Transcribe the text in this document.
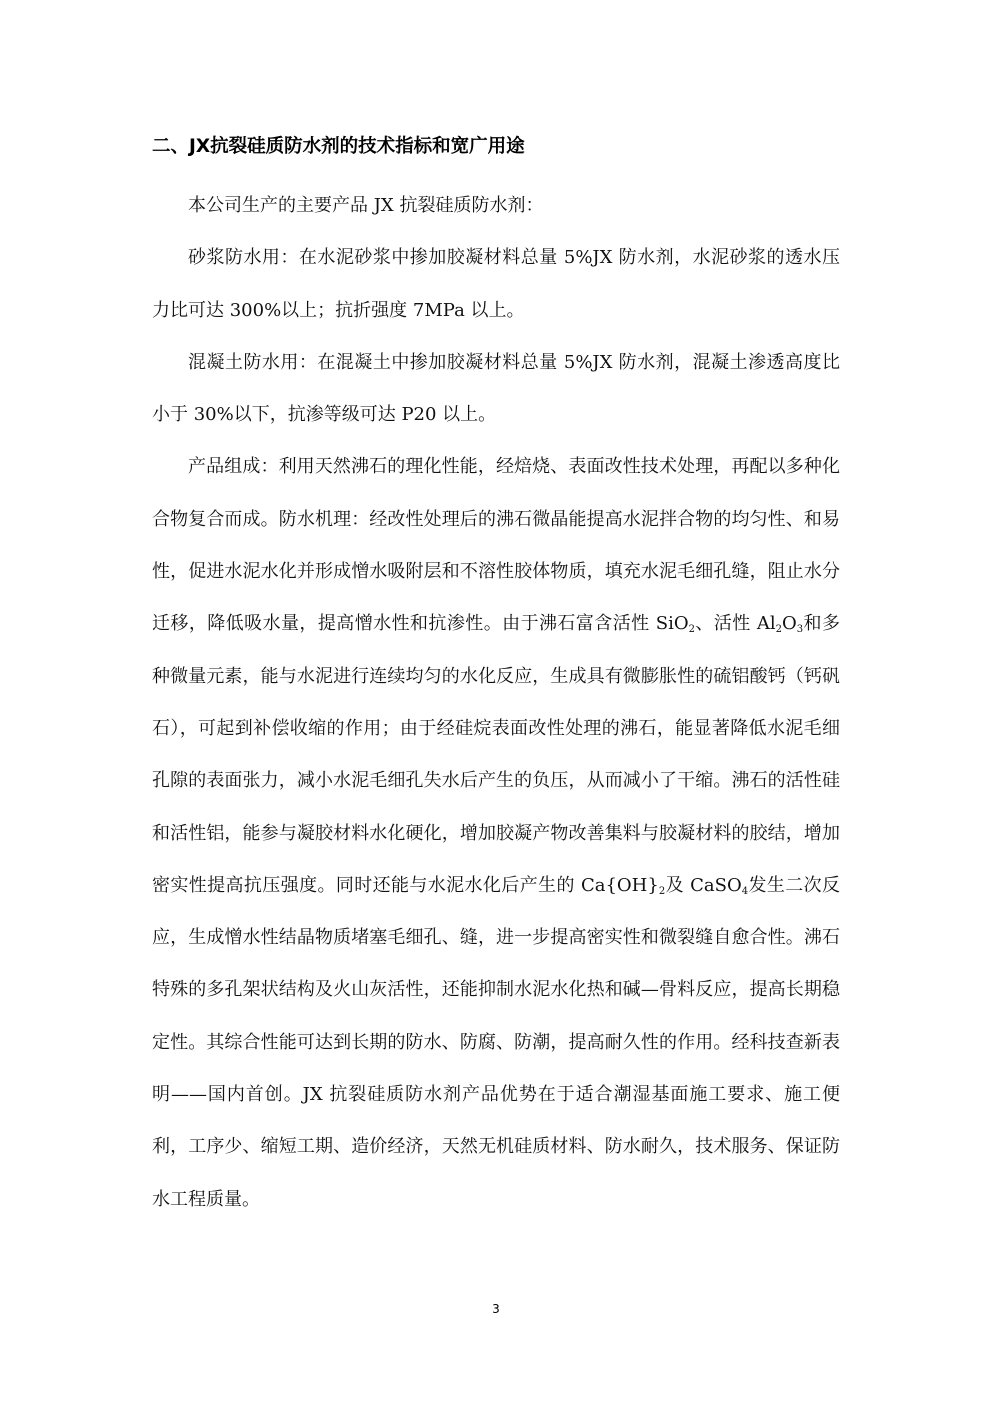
二、JX抗裂硅质防水剂的技术指标和宽广用途

本公司生产的主要产品 JX 抗裂硅质防水剂：

砂浆防水用：在水泥砂浆中掺加胶凝材料总量 5%JX 防水剂，水泥砂浆的透水压力比可达 300%以上；抗折强度 7MPa 以上。

混凝土防水用：在混凝土中掺加胶凝材料总量 5%JX 防水剂，混凝土渗透高度比小于 30%以下，抗渗等级可达 P20 以上。

产品组成：利用天然沸石的理化性能，经焙烧、表面改性技术处理，再配以多种化合物复合而成。防水机理：经改性处理后的沸石微晶能提高水泥拌合物的均匀性、和易性，促进水泥水化并形成憎水吸附层和不溶性胶体物质，填充水泥毛细孔缝，阻止水分迁移，降低吸水量，提高憎水性和抗渗性。由于沸石富含活性 SiO$_2$、活性 $Al_2O_3$和多种微量元素，能与水泥进行连续均匀的水化反应，生成具有微膨胀性的硫铝酸钙（钙矾石），可起到补偿收缩的作用；由于经硅烷表面改性处理的沸石，能显著降低水泥毛细孔隙的表面张力，减小水泥毛细孔失水后产生的负压，从而减小了干缩。沸石的活性硅和活性铝，能参与凝胶材料水化硬化，增加胶凝产物改善集料与胶凝材料的胶结，增加密实性提高抗压强度。同时还能与水泥水化后产生的 $Ca\{OH\}_2$及 CaSO$_4$发生二次反应，生成憎水性结晶物质堵塞毛细孔、缝，进一步提高密实性和微裂缝自愈合性。沸石特殊的多孔架状结构及火山灰活性，还能抑制水泥水化热和碱—骨料反应，提高长期稳定性。其综合性能可达到长期的防水、防腐、防潮，提高耐久性的作用。经科技查新表明——国内首创。JX 抗裂硅质防水剂产品优势在于适合潮湿基面施工要求、施工便利，工序少、缩短工期、造价经济，天然无机硅质材料、防水耐久，技术服务、保证防水工程质量。

3
